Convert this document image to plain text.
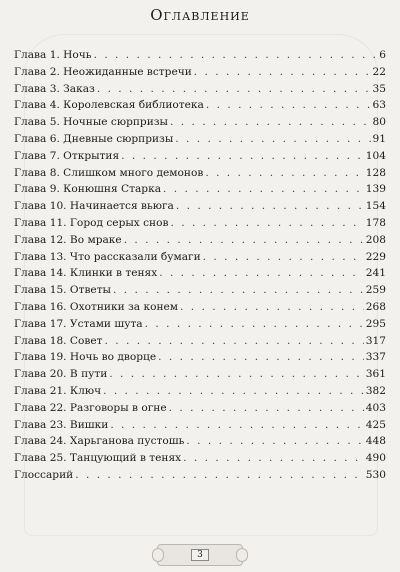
Оглавление
Глава 1. Ночь . . .	6
Глава 2. Неожиданные встречи . . .	22
Глава 3. Заказ . . .	35
Глава 4. Королевская библиотека . . .	63
Глава 5. Ночные сюрпризы . . .	80
Глава 6. Дневные сюрпризы . . .	91
Глава 7. Открытия . . .	104
Глава 8. Слишком много демонов . . .	128
Глава 9. Конюшня Старка . . .	139
Глава 10. Начинается вьюга . . .	154
Глава 11. Город серых снов . . .	178
Глава 12. Во мраке . . .	208
Глава 13. Что рассказали бумаги . . .	229
Глава 14. Клинки в тенях . . .	241
Глава 15. Ответы . . .	259
Глава 16. Охотники за конем . . .	268
Глава 17. Устами шута . . .	295
Глава 18. Совет . . .	317
Глава 19. Ночь во дворце . . .	337
Глава 20. В пути . . .	361
Глава 21. Ключ . . .	382
Глава 22. Разговоры в огне . . .	403
Глава 23. Вишки . . .	425
Глава 24. Харьганова пустошь . . .	448
Глава 25. Танцующий в тенях . . .	490
Глоссарий . . .	530
3
